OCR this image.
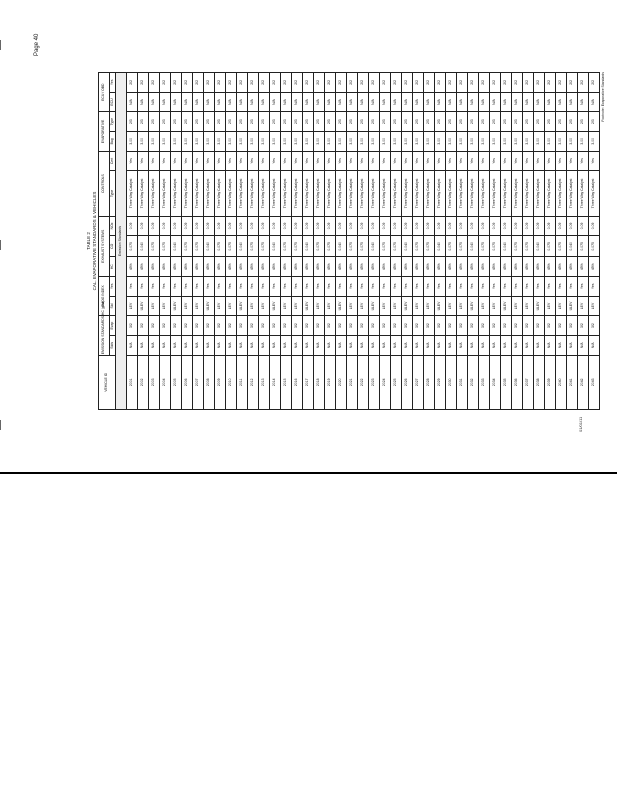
Page 40
TABLE 2 CAL. EVAPORATIVE STANDARDS & VEHICLES
VEHICLE ID	EMISSION STANDARDS HC (g/mi)		SMOG INDEX		EXHAUST SYSTEMS			CONTROLS		EVAPORATIVE		ECU / OBD	
	Stds	Evap	Std	Yes	HC	CO	NOx	Type	Cert	Bag	Type	ECU	Yes
Emission Standards													
2001	N/A	3/2	LEV	Yes	45%	0.075	0.09	Three Way Catalyst	Yes	3.00	2/3	N/A	2/2
2002	N/A	3/2	ULEV	Yes	45%	0.040	0.09	Three Way Catalyst	Yes	3.00	2/3	N/A	2/2
2003	N/A	3/2	LEV	Yes	45%	0.075	0.09	Three Way Catalyst	Yes	3.00	2/3	N/A	2/2
2004	N/A	3/2	LEV	Yes	45%	0.075	0.09	Three Way Catalyst	Yes	3.00	2/3	N/A	2/2
2005	N/A	3/2	ULEV	Yes	45%	0.040	0.09	Three Way Catalyst	Yes	3.00	2/3	N/A	2/2
2006	N/A	3/2	LEV	Yes	45%	0.075	0.09	Three Way Catalyst	Yes	3.00	2/3	N/A	2/2
2007	N/A	3/2	LEV	Yes	45%	0.075	0.09	Three Way Catalyst	Yes	3.00	2/3	N/A	2/2
2008	N/A	3/2	ULEV	Yes	45%	0.040	0.09	Three Way Catalyst	Yes	3.00	2/3	N/A	2/2
2009	N/A	3/2	LEV	Yes	45%	0.075	0.09	Three Way Catalyst	Yes	3.00	2/3	N/A	2/2
2010	N/A	3/2	LEV	Yes	45%	0.075	0.09	Three Way Catalyst	Yes	3.00	2/3	N/A	2/2
2011	N/A	3/2	ULEV	Yes	45%	0.040	0.09	Three Way Catalyst	Yes	3.00	2/3	N/A	2/2
2012	N/A	3/2	LEV	Yes	45%	0.075	0.09	Three Way Catalyst	Yes	3.00	2/3	N/A	2/2
2013	N/A	3/2	LEV	Yes	45%	0.075	0.09	Three Way Catalyst	Yes	3.00	2/3	N/A	2/2
2014	N/A	3/2	ULEV	Yes	45%	0.040	0.09	Three Way Catalyst	Yes	3.00	2/3	N/A	2/2
2015	N/A	3/2	LEV	Yes	45%	0.075	0.09	Three Way Catalyst	Yes	3.00	2/3	N/A	2/2
2016	N/A	3/2	LEV	Yes	45%	0.075	0.09	Three Way Catalyst	Yes	3.00	2/3	N/A	2/2
2017	N/A	3/2	ULEV	Yes	45%	0.040	0.09	Three Way Catalyst	Yes	3.00	2/3	N/A	2/2
2018	N/A	3/2	LEV	Yes	45%	0.075	0.09	Three Way Catalyst	Yes	3.00	2/3	N/A	2/2
2019	N/A	3/2	LEV	Yes	45%	0.075	0.09	Three Way Catalyst	Yes	3.00	2/3	N/A	2/2
2020	N/A	3/2	ULEV	Yes	45%	0.040	0.09	Three Way Catalyst	Yes	3.00	2/3	N/A	2/2
2021	N/A	3/2	LEV	Yes	45%	0.075	0.09	Three Way Catalyst	Yes	3.00	2/3	N/A	2/2
2022	N/A	3/2	LEV	Yes	45%	0.075	0.09	Three Way Catalyst	Yes	3.00	2/3	N/A	2/2
2023	N/A	3/2	ULEV	Yes	45%	0.040	0.09	Three Way Catalyst	Yes	3.00	2/3	N/A	2/2
2024	N/A	3/2	LEV	Yes	45%	0.075	0.09	Three Way Catalyst	Yes	3.00	2/3	N/A	2/2
2025	N/A	3/2	LEV	Yes	45%	0.075	0.09	Three Way Catalyst	Yes	3.00	2/3	N/A	2/2
2026	N/A	3/2	ULEV	Yes	45%	0.040	0.09	Three Way Catalyst	Yes	3.00	2/3	N/A	2/2
2027	N/A	3/2	LEV	Yes	45%	0.075	0.09	Three Way Catalyst	Yes	3.00	2/3	N/A	2/2
2028	N/A	3/2	LEV	Yes	45%	0.075	0.09	Three Way Catalyst	Yes	3.00	2/3	N/A	2/2
2029	N/A	3/2	ULEV	Yes	45%	0.040	0.09	Three Way Catalyst	Yes	3.00	2/3	N/A	2/2
2030	N/A	3/2	LEV	Yes	45%	0.075	0.09	Three Way Catalyst	Yes	3.00	2/3	N/A	2/2
2031	N/A	3/2	LEV	Yes	45%	0.075	0.09	Three Way Catalyst	Yes	3.00	2/3	N/A	2/2
2032	N/A	3/2	ULEV	Yes	45%	0.040	0.09	Three Way Catalyst	Yes	3.00	2/3	N/A	2/2
2033	N/A	3/2	LEV	Yes	45%	0.075	0.09	Three Way Catalyst	Yes	3.00	2/3	N/A	2/2
2034	N/A	3/2	LEV	Yes	45%	0.075	0.09	Three Way Catalyst	Yes	3.00	2/3	N/A	2/2
2035	N/A	3/2	ULEV	Yes	45%	0.040	0.09	Three Way Catalyst	Yes	3.00	2/3	N/A	2/2
2036	N/A	3/2	LEV	Yes	45%	0.075	0.09	Three Way Catalyst	Yes	3.00	2/3	N/A	2/2
2037	N/A	3/2	LEV	Yes	45%	0.075	0.09	Three Way Catalyst	Yes	3.00	2/3	N/A	2/2
2038	N/A	3/2	ULEV	Yes	45%	0.040	0.09	Three Way Catalyst	Yes	3.00	2/3	N/A	2/2
2039	N/A	3/2	LEV	Yes	45%	0.075	0.09	Three Way Catalyst	Yes	3.00	2/3	N/A	2/2
2040	N/A	3/2	LEV	Yes	45%	0.075	0.09	Three Way Catalyst	Yes	3.00	2/3	N/A	2/2
2041	N/A	3/2	ULEV	Yes	45%	0.040	0.09	Three Way Catalyst	Yes	3.00	2/3	N/A	2/2
2042	N/A	3/2	LEV	Yes	45%	0.075	0.09	Three Way Catalyst	Yes	3.00	2/3	N/A	2/2
2043	N/A	3/2	LEV	Yes	45%	0.075	0.09	Three Way Catalyst	Yes	3.00	2/3	N/A	2/2 Footnote: Evaporative Standards
01/01/11
